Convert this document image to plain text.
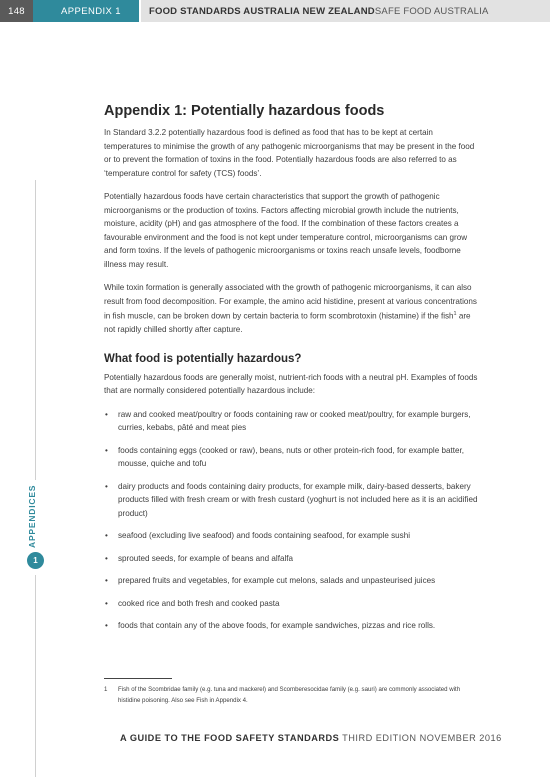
148	APPENDIX 1	FOOD STANDARDS AUSTRALIA NEW ZEALAND SAFE FOOD AUSTRALIA
APPENDICES
1
Appendix 1: Potentially hazardous foods

In Standard 3.2.2 potentially hazardous food is defined as food that has to be kept at certain temperatures to minimise the growth of any pathogenic microorganisms that may be present in the food or to prevent the formation of toxins in the food. Potentially hazardous foods are also referred to as ‘temperature control for safety (TCS) foods’.

Potentially hazardous foods have certain characteristics that support the growth of pathogenic microorganisms or the production of toxins. Factors affecting microbial growth include the nutrients, moisture, acidity (pH) and gas atmosphere of the food. If the combination of these factors creates a favourable environment and the food is not kept under temperature control, microorganisms can grow and form toxins. If the levels of pathogenic microorganisms or toxins reach unsafe levels, foodborne illness may result.

While toxin formation is generally associated with the growth of pathogenic microorganisms, it can also result from food decomposition. For example, the amino acid histidine, present at various concentrations in fish muscle, can be broken down by certain bacteria to form scombrotoxin (histamine) if the fish$^1$ are not rapidly chilled shortly after capture.

What food is potentially hazardous?

Potentially hazardous foods are generally moist, nutrient-rich foods with a neutral pH. Examples of foods that are normally considered potentially hazardous include:

• raw and cooked meat/poultry or foods containing raw or cooked meat/poultry, for example burgers, curries, kebabs, pâté and meat pies
• foods containing eggs (cooked or raw), beans, nuts or other protein-rich food, for example batter, mousse, quiche and tofu
• dairy products and foods containing dairy products, for example milk, dairy-based desserts, bakery products filled with fresh cream or with fresh custard (yoghurt is not included here as it is an acidified product)
• seafood (excluding live seafood) and foods containing seafood, for example sushi
• sprouted seeds, for example of beans and alfalfa
• prepared fruits and vegetables, for example cut melons, salads and unpasteurised juices
• cooked rice and both fresh and cooked pasta
• foods that contain any of the above foods, for example sandwiches, pizzas and rice rolls.
1	Fish of the Scombridae family (e.g. tuna and mackerel) and Scomberesocidae family (e.g. sauri) are commonly associated with histidine poisoning. Also see Fish in Appendix 4.
A GUIDE TO THE FOOD SAFETY STANDARDS THIRD EDITION NOVEMBER 2016
